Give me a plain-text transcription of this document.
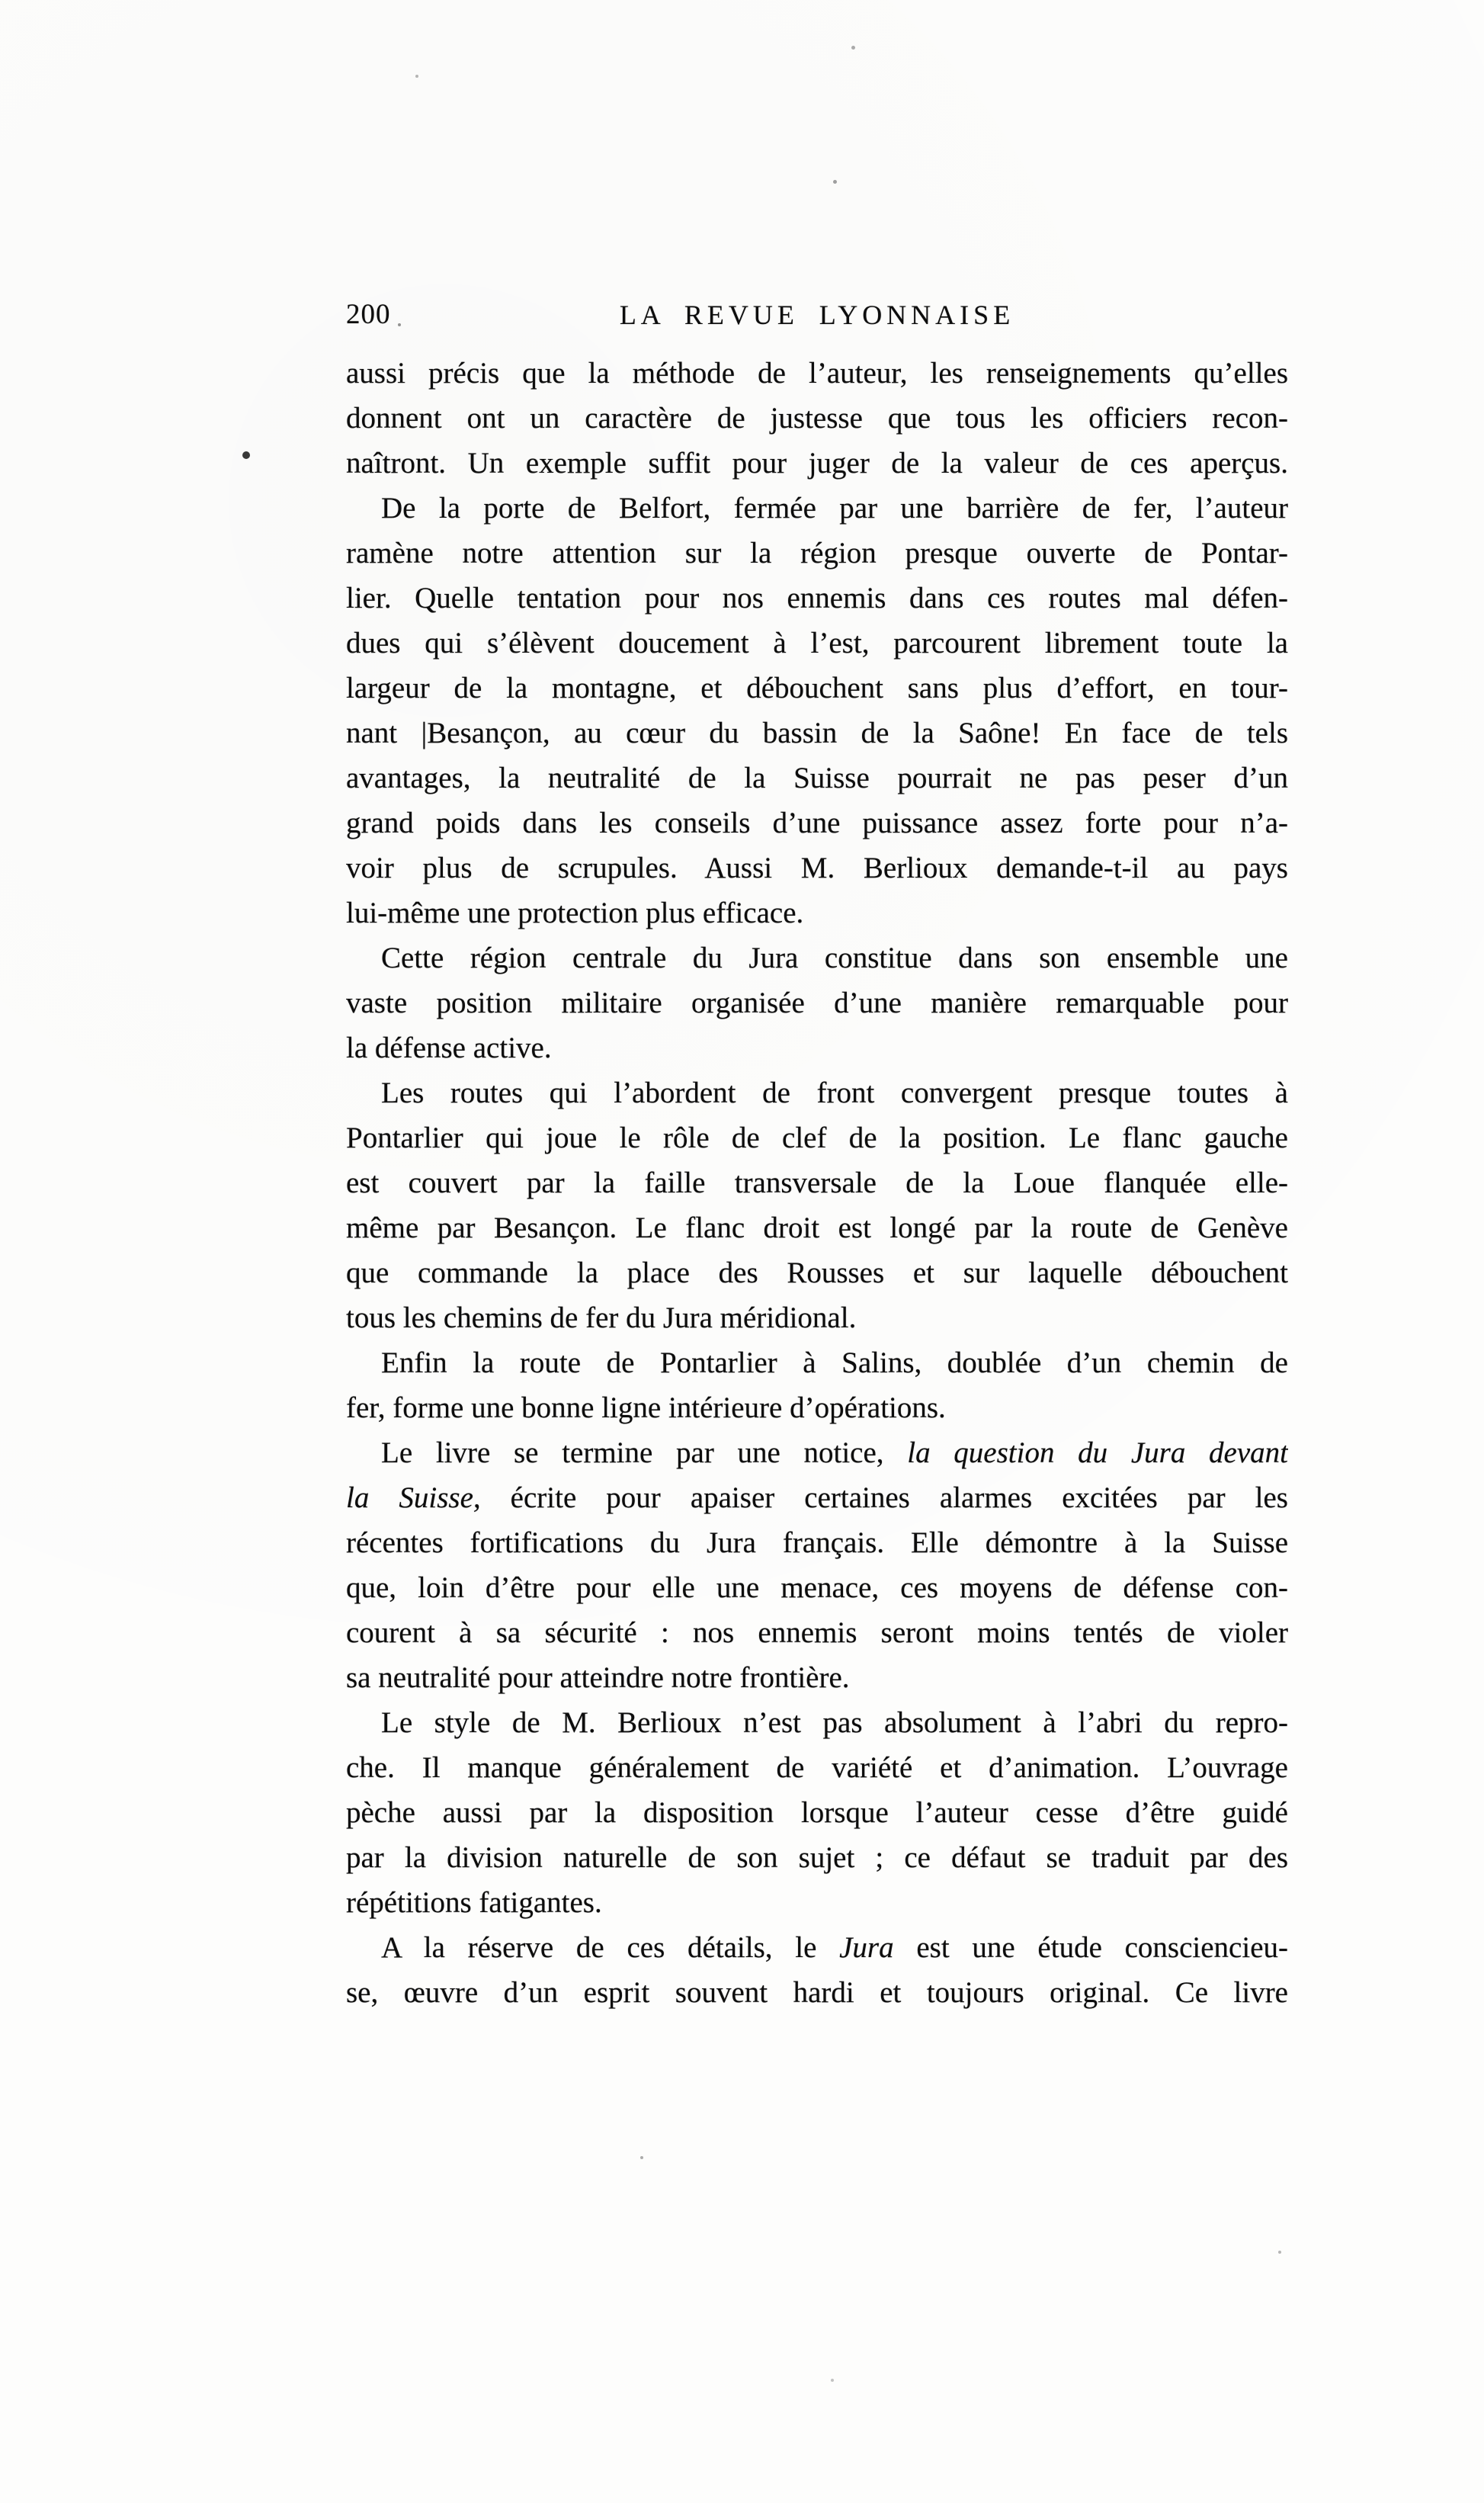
200	LA REVUE LYONNAISE
aussi précis que la méthode de l’auteur, les renseignements qu’elles
donnent ont un caractère de justesse que tous les officiers recon-
naîtront. Un exemple suffit pour juger de la valeur de ces aperçus.
De la porte de Belfort, fermée par une barrière de fer, l’auteur
ramène notre attention sur la région presque ouverte de Pontar-
lier. Quelle tentation pour nos ennemis dans ces routes mal défen-
dues qui s’élèvent doucement à l’est, parcourent librement toute la
largeur de la montagne, et débouchent sans plus d’effort, en tour-
nant |Besançon, au cœur du bassin de la Saône! En face de tels
avantages, la neutralité de la Suisse pourrait ne pas peser d’un
grand poids dans les conseils d’une puissance assez forte pour n’a-
voir plus de scrupules. Aussi M. Berlioux demande-t-il au pays
lui-même une protection plus efficace.
Cette région centrale du Jura constitue dans son ensemble une
vaste position militaire organisée d’une manière remarquable pour
la défense active.
Les routes qui l’abordent de front convergent presque toutes à
Pontarlier qui joue le rôle de clef de la position. Le flanc gauche
est couvert par la faille transversale de la Loue flanquée elle-
même par Besançon. Le flanc droit est longé par la route de Genève
que commande la place des Rousses et sur laquelle débouchent
tous les chemins de fer du Jura méridional.
Enfin la route de Pontarlier à Salins, doublée d’un chemin de
fer, forme une bonne ligne intérieure d’opérations.
Le livre se termine par une notice, la question du Jura devant
la Suisse, écrite pour apaiser certaines alarmes excitées par les
récentes fortifications du Jura français. Elle démontre à la Suisse
que, loin d’être pour elle une menace, ces moyens de défense con-
courent à sa sécurité : nos ennemis seront moins tentés de violer
sa neutralité pour atteindre notre frontière.
Le style de M. Berlioux n’est pas absolument à l’abri du repro-
che. Il manque généralement de variété et d’animation. L’ouvrage
pèche aussi par la disposition lorsque l’auteur cesse d’être guidé
par la division naturelle de son sujet ; ce défaut se traduit par des
répétitions fatigantes.
A la réserve de ces détails, le Jura est une étude consciencieu-
se, œuvre d’un esprit souvent hardi et toujours original. Ce livre
